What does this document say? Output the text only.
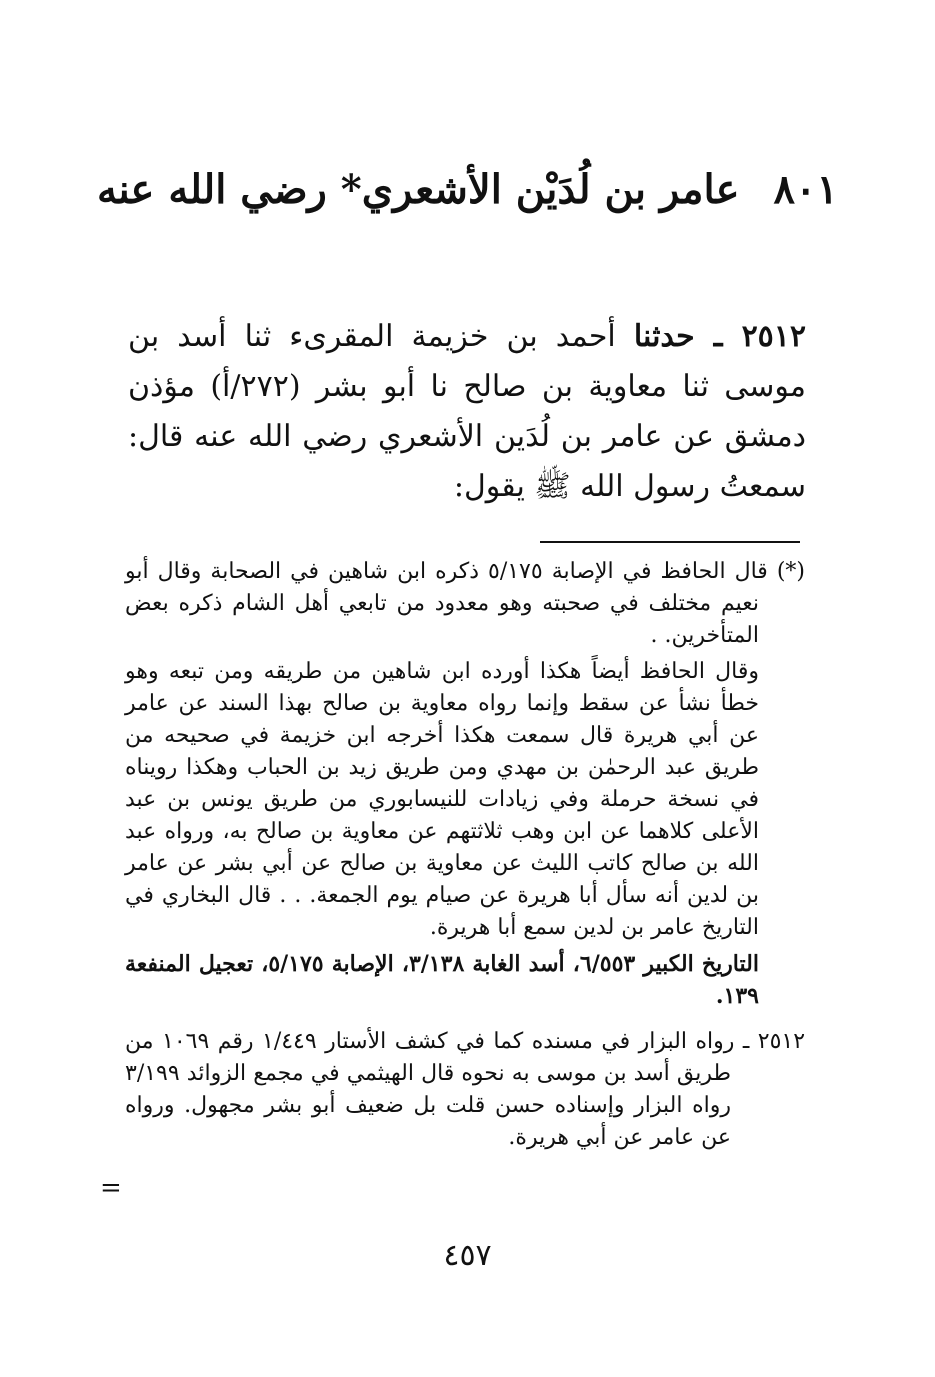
٨٠١عامر بن لُدَيْن الأشعري* رضي الله عنه
٢٥١٢ ـ حدثنا أحمد بن خزيمة المقرىء ثنا أسد بن موسى ثنا معاوية بن صالح نا أبو بشر (٢٧٢/أ) مؤذن دمشق عن عامر بن لُدَين الأشعري رضي الله عنه قال: سمعتُ رسول الله ﷺ يقول:
(*) قال الحافظ في الإصابة ٥/١٧٥ ذكره ابن شاهين في الصحابة وقال أبو نعيم مختلف في صحبته وهو معدود من تابعي أهل الشام ذكره بعض المتأخرين. .
وقال الحافظ أيضاً هكذا أورده ابن شاهين من طريقه ومن تبعه وهو خطأ نشأ عن سقط وإنما رواه معاوية بن صالح بهذا السند عن عامر عن أبي هريرة قال سمعت هكذا أخرجه ابن خزيمة في صحيحه من طريق عبد الرحمٰن بن مهدي ومن طريق زيد بن الحباب وهكذا رويناه في نسخة حرملة وفي زيادات للنيسابوري من طريق يونس بن عبد الأعلى كلاهما عن ابن وهب ثلاثتهم عن معاوية بن صالح به، ورواه عبد الله بن صالح كاتب الليث عن معاوية بن صالح عن أبي بشر عن عامر بن لدين أنه سأل أبا هريرة عن صيام يوم الجمعة. . . قال البخاري في التاريخ عامر بن لدين سمع أبا هريرة.
التاريخ الكبير ٦/٥٥٣، أسد الغابة ٣/١٣٨، الإصابة ٥/١٧٥، تعجيل المنفعة ١٣٩.
٢٥١٢ ـ رواه البزار في مسنده كما في كشف الأستار ١/٤٤٩ رقم ١٠٦٩ من طريق أسد بن موسى به نحوه قال الهيثمي في مجمع الزوائد ٣/١٩٩ رواه البزار وإسناده حسن قلت بل ضعيف أبو بشر مجهول. ورواه عن عامر عن أبي هريرة.
=
٤٥٧
